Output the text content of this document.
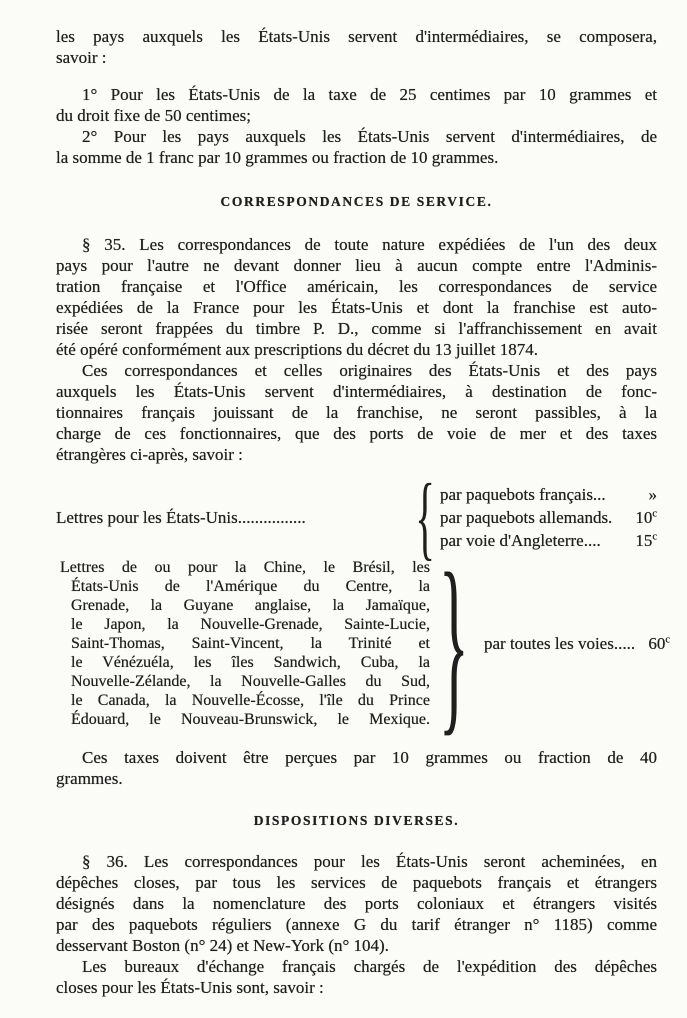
les pays auxquels les États-Unis servent d'intermédiaires, se composera,
savoir :
1° Pour les États-Unis de la taxe de 25 centimes par 10 grammes et
du droit fixe de 50 centimes;
2° Pour les pays auxquels les États-Unis servent d'intermédiaires, de
la somme de 1 franc par 10 grammes ou fraction de 10 grammes.
CORRESPONDANCES DE SERVICE.
§ 35. Les correspondances de toute nature expédiées de l'un des deux
pays pour l'autre ne devant donner lieu à aucun compte entre l'Adminis-
tration française et l'Office américain, les correspondances de service
expédiées de la France pour les États-Unis et dont la franchise est auto-
risée seront frappées du timbre P. D., comme si l'affranchissement en avait
été opéré conformément aux prescriptions du décret du 13 juillet 1874.
Ces correspondances et celles originaires des États-Unis et des pays
auxquels les États-Unis servent d'intermédiaires, à destination de fonc-
tionnaires français jouissant de la franchise, ne seront passibles, à la
charge de ces fonctionnaires, que des ports de voie de mer et des taxes
étrangères ci-après, savoir :
Lettres pour les États-Unis................	{ par paquebots français...	»
par paquebots allemands. 10$^c$
par voie d'Angleterre.... 15$^c$
Lettres de ou pour la Chine, le Brésil, les
États-Unis de l'Amérique du Centre, la
Grenade, la Guyane anglaise, la Jamaïque,
le Japon, la Nouvelle-Grenade, Sainte-Lucie,
Saint-Thomas, Saint-Vincent, la Trinité et
le Vénézuéla, les îles Sandwich, Cuba, la
Nouvelle-Zélande, la Nouvelle-Galles du Sud,
le Canada, la Nouvelle-Écosse, l'île du Prince
Édouard, le Nouveau-Brunswick, le Mexique. } par toutes les voies..... 60$^c$
Ces taxes doivent être perçues par 10 grammes ou fraction de 40
grammes.
DISPOSITIONS DIVERSES.
§ 36. Les correspondances pour les États-Unis seront acheminées, en
dépêches closes, par tous les services de paquebots français et étrangers
désignés dans la nomenclature des ports coloniaux et étrangers visités
par des paquebots réguliers (annexe G du tarif étranger n° 1185) comme
desservant Boston (n° 24) et New-York (n° 104).
Les bureaux d'échange français chargés de l'expédition des dépêches
closes pour les États-Unis sont, savoir :
